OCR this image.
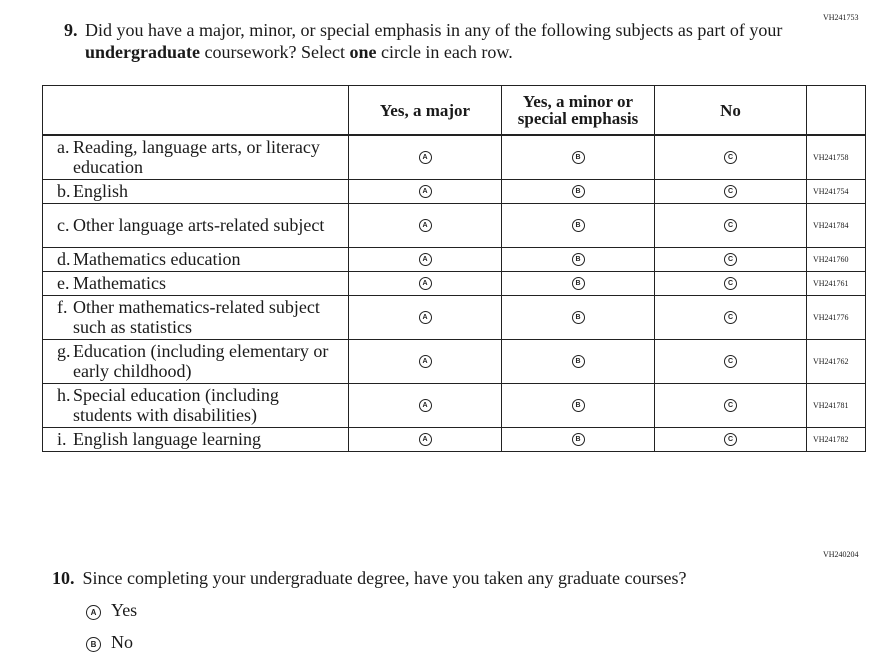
VH241753
9. Did you have a major, minor, or special emphasis in any of the following subjects as part of your undergraduate coursework? Select one circle in each row.
	Yes, a major	Yes, a minor or special emphasis	No	
a. Reading, language arts, or literacy education	A	B	C	VH241758
b. English	A	B	C	VH241754
c. Other language arts-related subject	A	B	C	VH241784
d. Mathematics education	A	B	C	VH241760
e. Mathematics	A	B	C	VH241761
f. Other mathematics-related subject such as statistics	A	B	C	VH241776
g. Education (including elementary or early childhood)	A	B	C	VH241762
h. Special education (including students with disabilities)	A	B	C	VH241781
i. English language learning	A	B	C	VH241782
VH240204
10. Since completing your undergraduate degree, have you taken any graduate courses?
A Yes
B No
